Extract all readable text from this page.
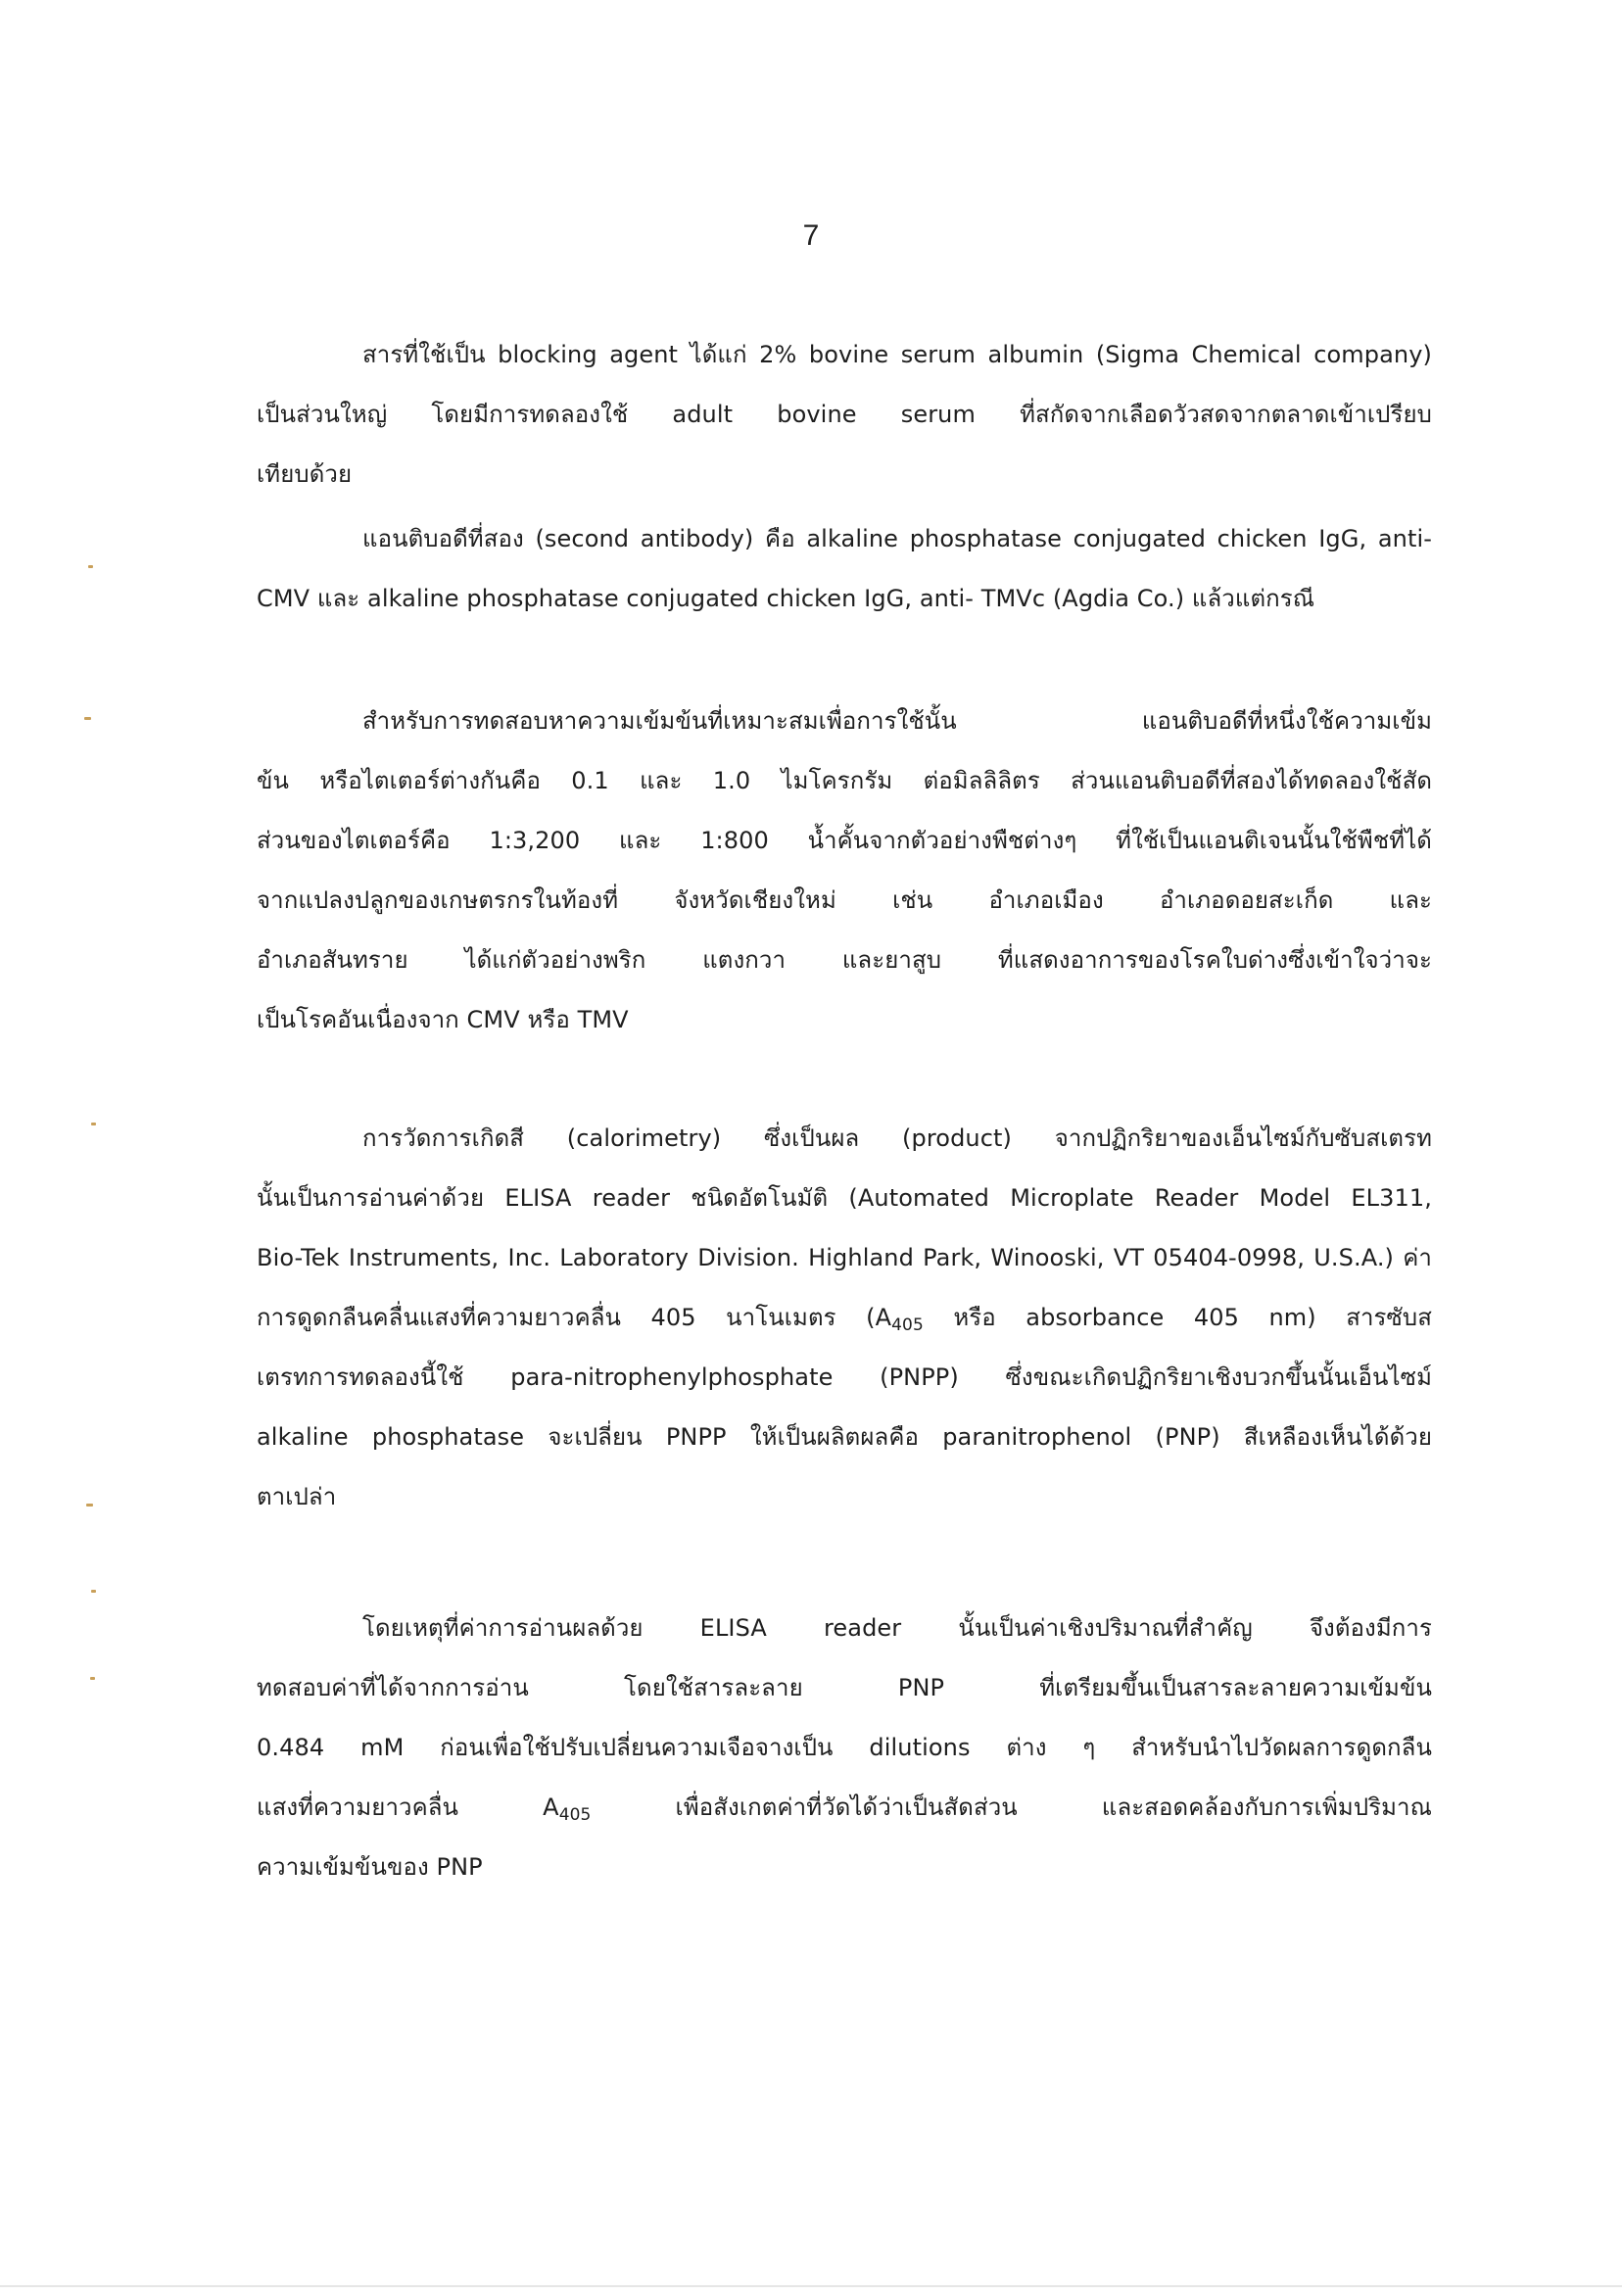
7
สารที่ใช้เป็น blocking agent ได้แก่ 2% bovine serum albumin (Sigma Chemical company)
เป็นส่วนใหญ่ โดยมีการทดลองใช้ adult bovine serum ที่สกัดจากเลือดวัวสดจากตลาดเข้าเปรียบ
เทียบด้วย
แอนติบอดีที่สอง (second antibody) คือ alkaline phosphatase conjugated chicken IgG, anti-
CMV และ alkaline phosphatase conjugated chicken IgG, anti- TMVc (Agdia Co.) แล้วแต่กรณี
สำหรับการทดสอบหาความเข้มข้นที่เหมาะสมเพื่อการใช้นั้น แอนติบอดีที่หนึ่งใช้ความเข้ม
ข้น หรือไตเตอร์ต่างกันคือ 0.1 และ 1.0 ไมโครกรัม ต่อมิลลิลิตร ส่วนแอนติบอดีที่สองได้ทดลองใช้สัด
ส่วนของไตเตอร์คือ 1:3,200 และ 1:800 น้ำคั้นจากตัวอย่างพืชต่างๆ ที่ใช้เป็นแอนติเจนนั้นใช้พืชที่ได้
จากแปลงปลูกของเกษตรกรในท้องที่ จังหวัดเชียงใหม่ เช่น อำเภอเมือง อำเภอดอยสะเก็ด และ
อำเภอสันทราย ได้แก่ตัวอย่างพริก แตงกวา และยาสูบ ที่แสดงอาการของโรคใบด่างซึ่งเข้าใจว่าจะ
เป็นโรคอันเนื่องจาก CMV หรือ TMV
การวัดการเกิดสี (calorimetry) ซึ่งเป็นผล (product) จากปฏิกริยาของเอ็นไซม์กับซับสเตรท
นั้นเป็นการอ่านค่าด้วย ELISA reader ชนิดอัตโนมัติ (Automated Microplate Reader Model EL311,
Bio-Tek Instruments, Inc. Laboratory Division. Highland Park, Winooski, VT 05404-0998, U.S.A.) ค่า
การดูดกลืนคลื่นแสงที่ความยาวคลื่น 405 นาโนเมตร ($A_{405}$ หรือ absorbance 405 nm) สารซับส
เตรทการทดลองนี้ใช้ para-nitrophenylphosphate (PNPP) ซึ่งขณะเกิดปฏิกริยาเชิงบวกขึ้นนั้นเอ็นไซม์
alkaline phosphatase จะเปลี่ยน PNPP ให้เป็นผลิตผลคือ paranitrophenol (PNP) สีเหลืองเห็นได้ด้วย
ตาเปล่า
โดยเหตุที่ค่าการอ่านผลด้วย ELISA reader นั้นเป็นค่าเชิงปริมาณที่สำคัญ จึงต้องมีการ
ทดสอบค่าที่ได้จากการอ่าน โดยใช้สารละลาย PNP ที่เตรียมขึ้นเป็นสารละลายความเข้มข้น
0.484 mM ก่อนเพื่อใช้ปรับเปลี่ยนความเจือจางเป็น dilutions ต่าง ๆ สำหรับนำไปวัดผลการดูดกลืน
แสงที่ความยาวคลื่น $A_{405}$ เพื่อสังเกตค่าที่วัดได้ว่าเป็นสัดส่วน และสอดคล้องกับการเพิ่มปริมาณ
ความเข้มข้นของ PNP
